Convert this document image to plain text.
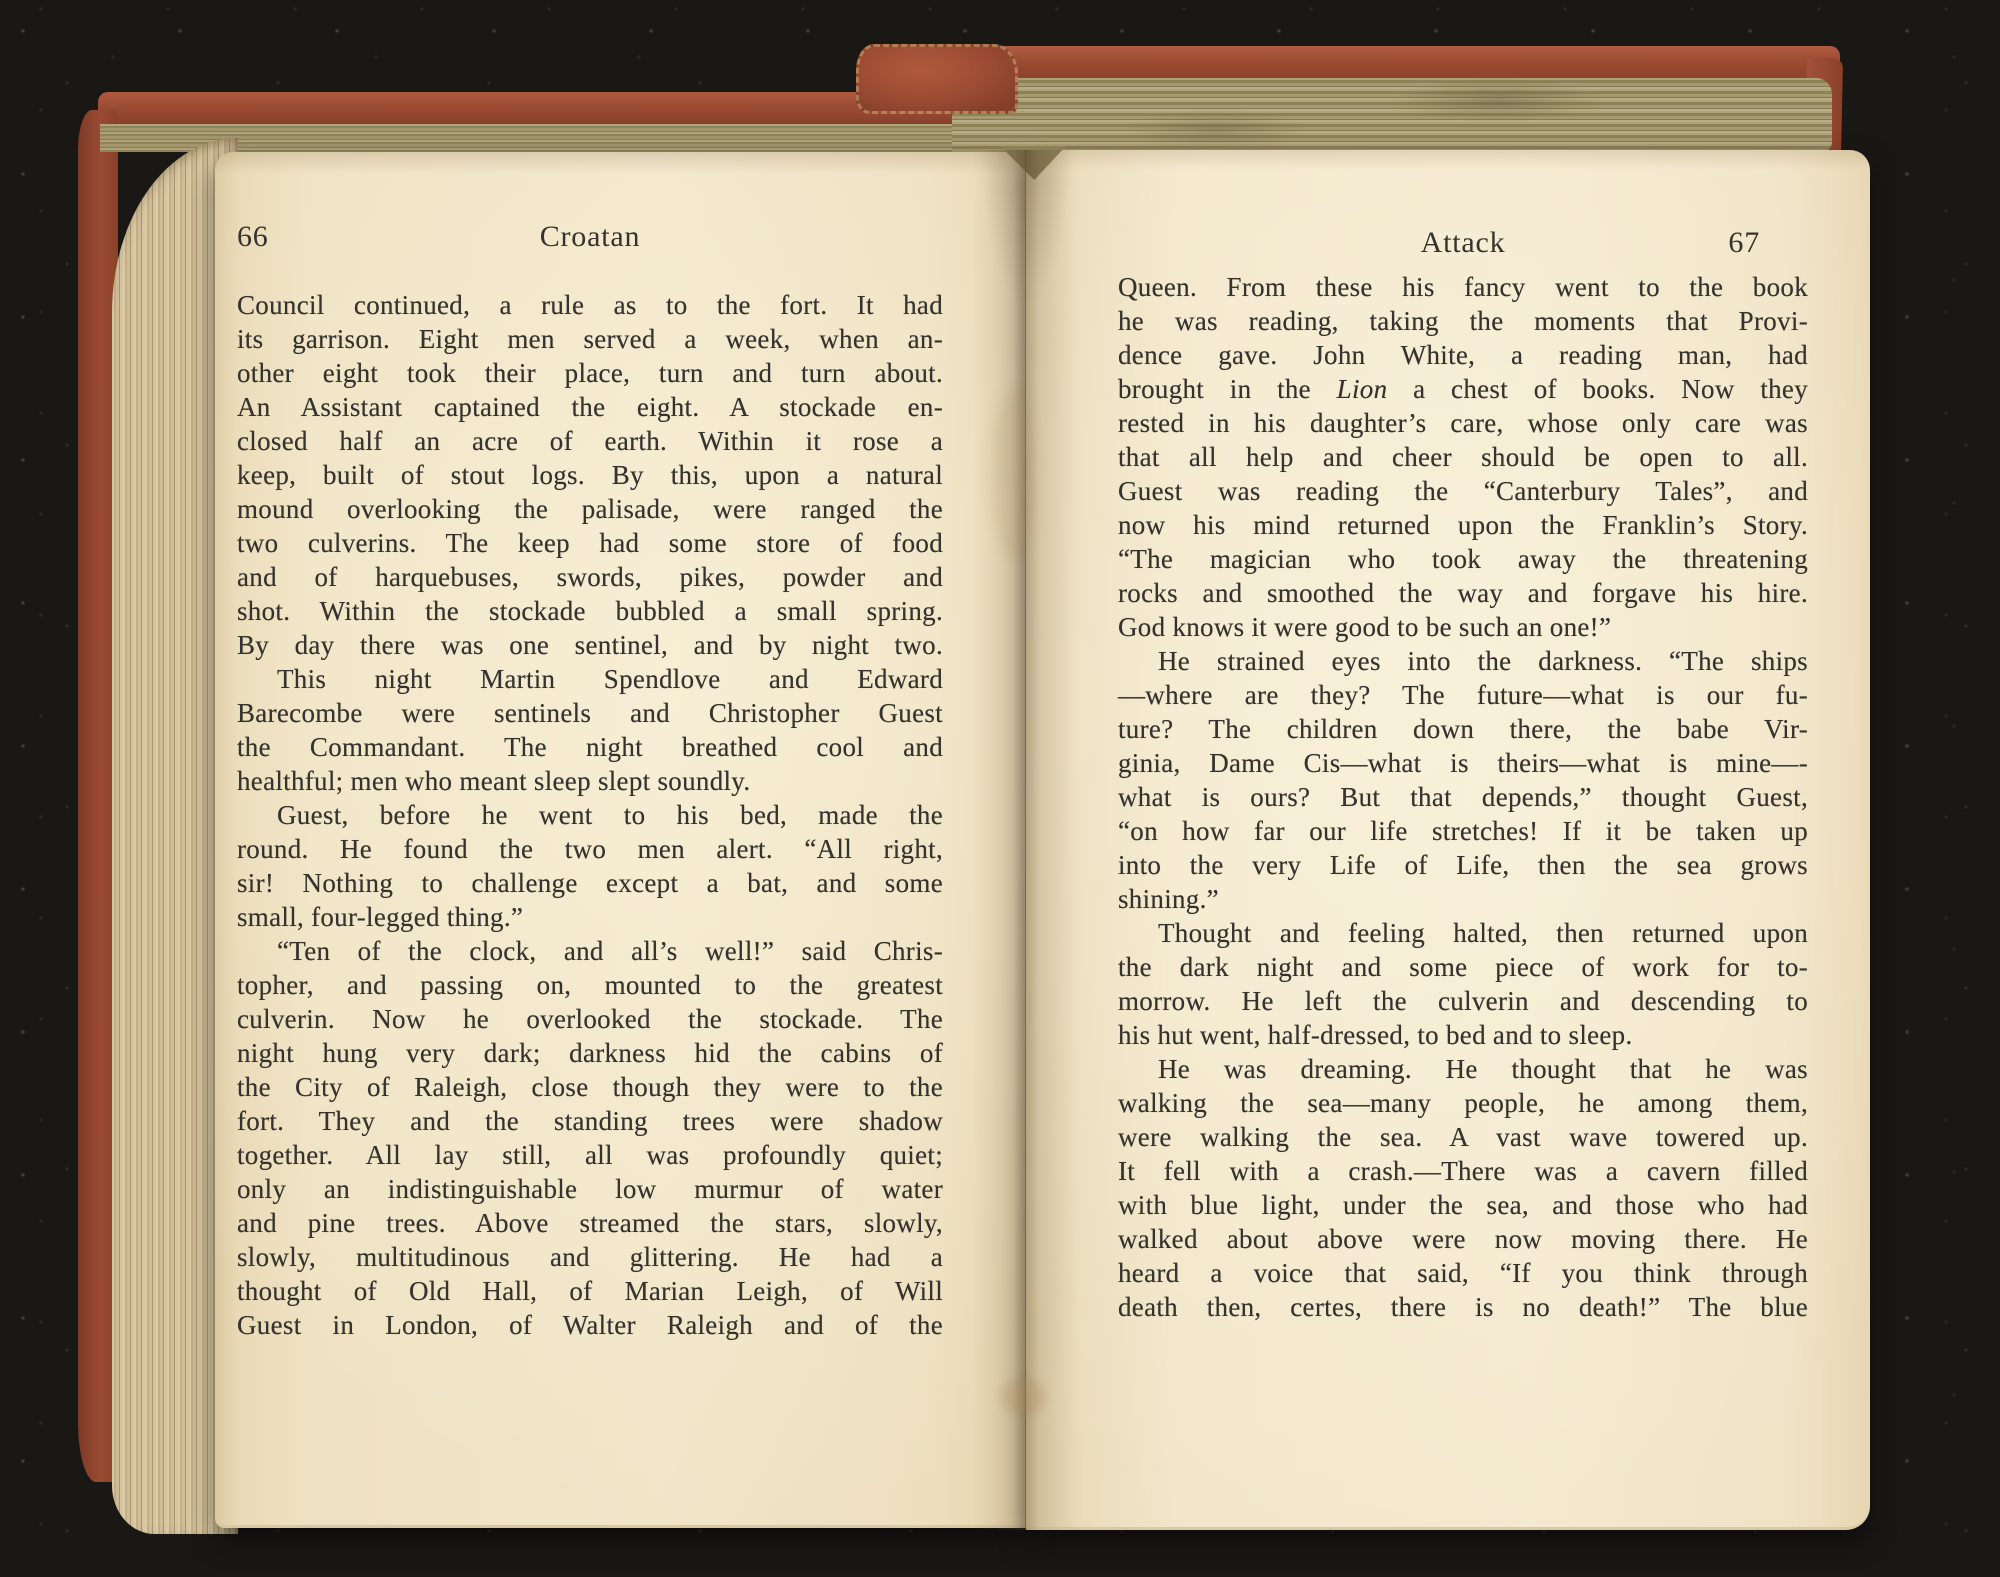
66	Croatan
Council continued, a rule as to the fort. It had
its garrison. Eight men served a week, when an-
other eight took their place, turn and turn about.
An Assistant captained the eight. A stockade en-
closed half an acre of earth. Within it rose a
keep, built of stout logs. By this, upon a natural
mound overlooking the palisade, were ranged the
two culverins. The keep had some store of food
and of harquebuses, swords, pikes, powder and
shot. Within the stockade bubbled a small spring.
By day there was one sentinel, and by night two.
This night Martin Spendlove and Edward
Barecombe were sentinels and Christopher Guest
the Commandant. The night breathed cool and
healthful; men who meant sleep slept soundly.
Guest, before he went to his bed, made the
round. He found the two men alert. “All right,
sir! Nothing to challenge except a bat, and some
small, four-legged thing.”
“Ten of the clock, and all’s well!” said Chris-
topher, and passing on, mounted to the greatest
culverin. Now he overlooked the stockade. The
night hung very dark; darkness hid the cabins of
the City of Raleigh, close though they were to the
fort. They and the standing trees were shadow
together. All lay still, all was profoundly quiet;
only an indistinguishable low murmur of water
and pine trees. Above streamed the stars, slowly,
slowly, multitudinous and glittering. He had a
thought of Old Hall, of Marian Leigh, of Will
Guest in London, of Walter Raleigh and of the
Attack	67
Queen. From these his fancy went to the book
he was reading, taking the moments that Provi-
dence gave. John White, a reading man, had
brought in the Lion a chest of books. Now they
rested in his daughter’s care, whose only care was
that all help and cheer should be open to all.
Guest was reading the “Canterbury Tales”, and
now his mind returned upon the Franklin’s Story.
“The magician who took away the threatening
rocks and smoothed the way and forgave his hire.
God knows it were good to be such an one!”
He strained eyes into the darkness. “The ships
—where are they? The future—what is our fu-
ture? The children down there, the babe Vir-
ginia, Dame Cis—what is theirs—what is mine—-
what is ours? But that depends,” thought Guest,
“on how far our life stretches! If it be taken up
into the very Life of Life, then the sea grows
shining.”
Thought and feeling halted, then returned upon
the dark night and some piece of work for to-
morrow. He left the culverin and descending to
his hut went, half-dressed, to bed and to sleep.
He was dreaming. He thought that he was
walking the sea—many people, he among them,
were walking the sea. A vast wave towered up.
It fell with a crash.—There was a cavern filled
with blue light, under the sea, and those who had
walked about above were now moving there. He
heard a voice that said, “If you think through
death then, certes, there is no death!” The blue
